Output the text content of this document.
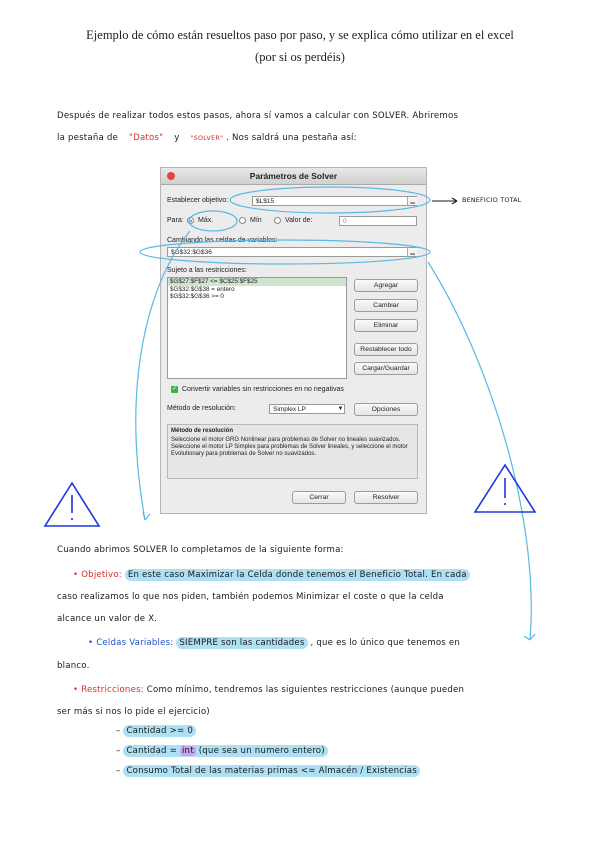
Ejemplo de cómo están resueltos paso por paso, y se explica cómo utilizar en el excel
(por si os perdéis)
Después de realizar todos estos pasos, ahora sí vamos a calcular con SOLVER. Abriremos
la pestaña de "Datos" y "SOLVER" . Nos saldrá una pestaña así:
Parámetros de Solver
Establecer objetivo:	$L$15	▁
Para: Máx.	Mín	Valor de:	0
Cambiando las celdas de variables:
$G$32:$G$36	▁
Sujeto a las restricciones:
$G$27:$F$27 <= $C$25:$F$25
$G$32:$G$38 = entero
$G$32:$G$36 >= 0
Agregar
Cambiar
Eliminar
Restablecer todo
Cargar/Guardar
✓ Convertir variables sin restricciones en no negativas
Método de resolución:	Simplex LP	▼	Opciones
Método de resolución
Seleccione el motor GRG Nonlinear para problemas de Solver no lineales suavizados. Seleccione el motor LP Simplex para problemas de Solver lineales, y seleccione el motor Evolutionary para problemas de Solver no suavizados.
Cerrar	Resolver
BENEFICIO TOTAL
Cuando abrimos SOLVER lo completamos de la siguiente forma:
• Objetivo: En este caso Maximizar la Celda donde tenemos el Beneficio Total. En cada
caso realizamos lo que nos piden, también podemos Minimizar el coste o que la celda
alcance un valor de X.
• Celdas Variables: SIEMPRE son las cantidades , que es lo único que tenemos en
blanco.
• Restricciones: Como mínimo, tendremos las siguientes restricciones (aunque pueden
ser más si nos lo pide el ejercicio)
– Cantidad >= 0
– Cantidad = int (que sea un numero entero)
– Consumo Total de las materias primas <= Almacén / Existencias
